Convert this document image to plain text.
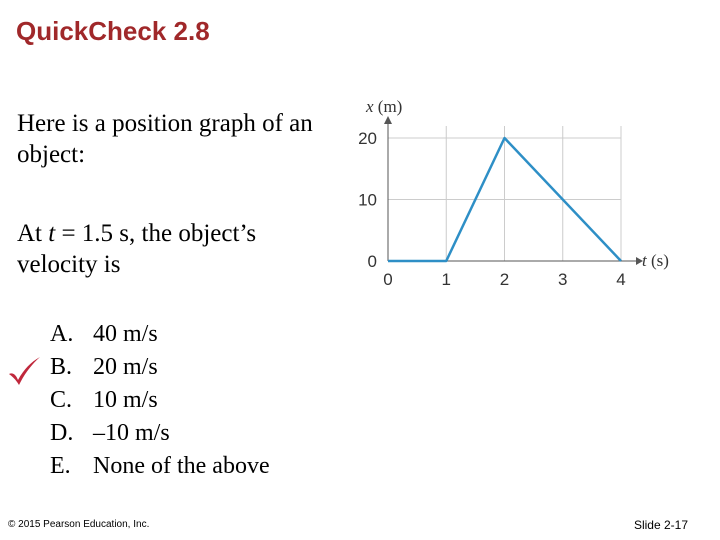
QuickCheck 2.8
Here is a position graph of an object:
At t = 1.5 s, the object’s velocity is
A. 40 m/s
B. 20 m/s
C. 10 m/s
D. –10 m/s
E. None of the above
0	1	2	3	4
0
10
20
x (m)
t (s)
© 2015 Pearson Education, Inc.	Slide 2-17
